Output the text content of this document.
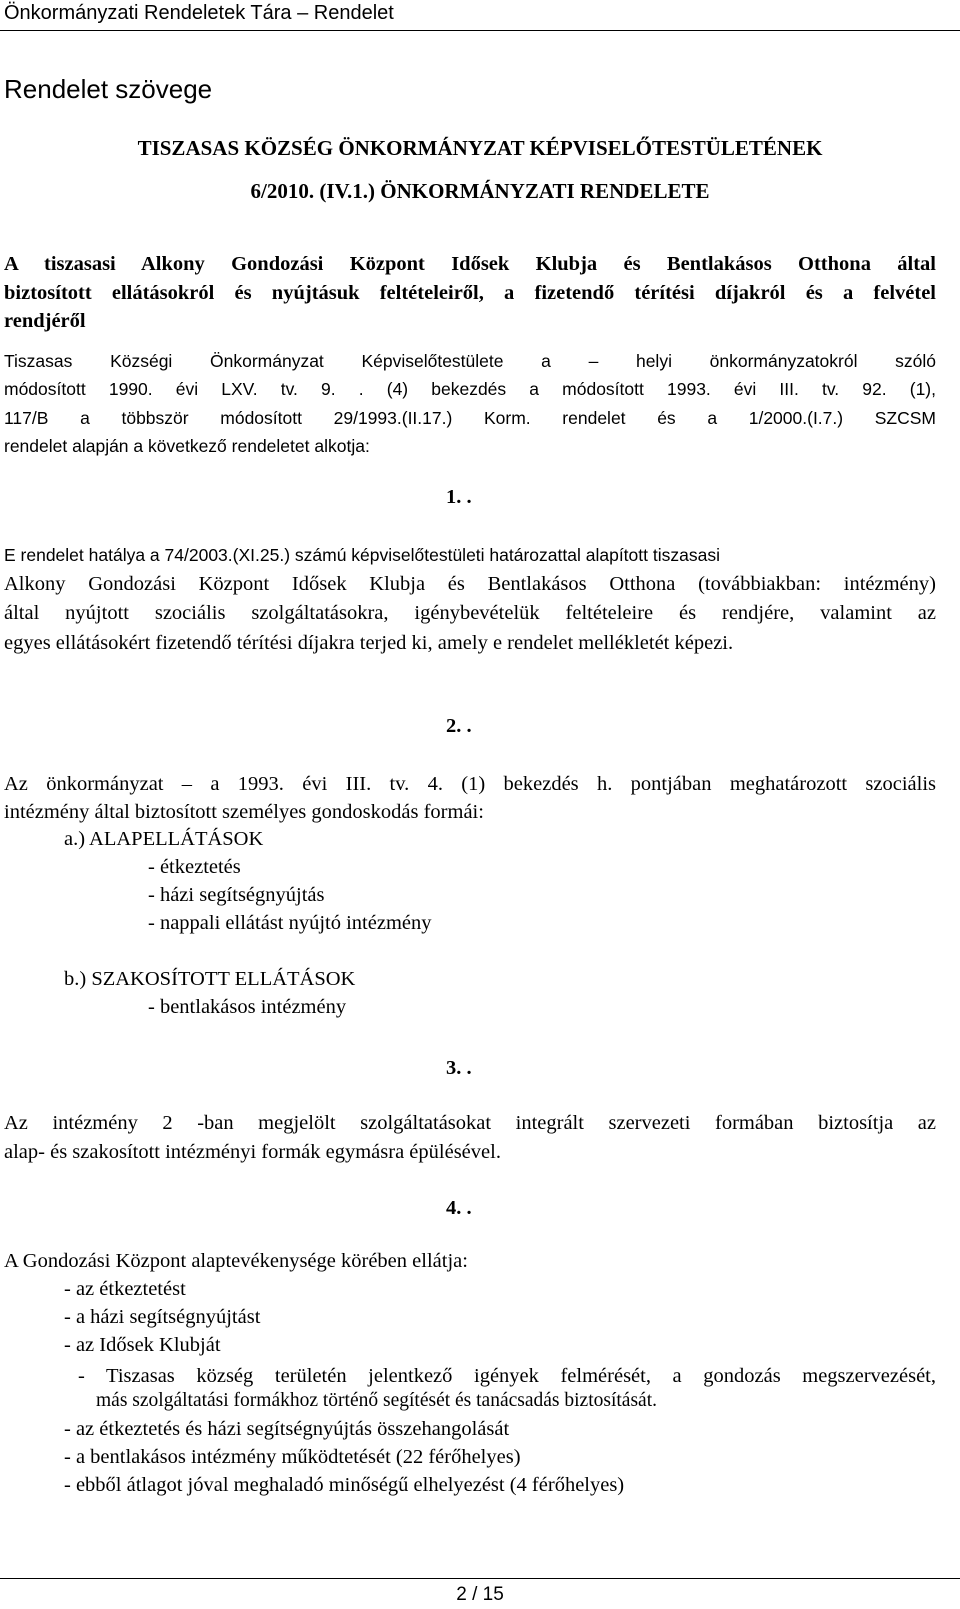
Önkormányzati Rendeletek Tára – Rendelet
Rendelet szövege
TISZASAS KÖZSÉG ÖNKORMÁNYZAT KÉPVISELŐTESTÜLETÉNEK
6/2010. (IV.1.) ÖNKORMÁNYZATI RENDELETE
A tiszasasi Alkony Gondozási Központ Idősek Klubja és Bentlakásos Otthona által
biztosított ellátásokról és nyújtásuk feltételeiről, a fizetendő térítési díjakról és a felvétel
rendjéről
Tiszasas Községi Önkormányzat Képviselőtestülete a – helyi önkormányzatokról szóló
módosított 1990. évi LXV. tv. 9. . (4) bekezdés a módosított 1993. évi III. tv. 92. (1),
117/B a többször módosított 29/1993.(II.17.) Korm. rendelet és a 1/2000.(I.7.) SZCSM
rendelet alapján a következő rendeletet alkotja:
1. .
E rendelet hatálya a 74/2003.(XI.25.) számú képviselőtestületi határozattal alapított tiszasasi
Alkony Gondozási Központ Idősek Klubja és Bentlakásos Otthona (továbbiakban: intézmény)
által nyújtott szociális szolgáltatásokra, igénybevételük feltételeire és rendjére, valamint az
egyes ellátásokért fizetendő térítési díjakra terjed ki, amely e rendelet mellékletét képezi.
2. .
Az önkormányzat – a 1993. évi III. tv. 4. (1) bekezdés h. pontjában meghatározott szociális
intézmény által biztosított személyes gondoskodás formái:
a.) ALAPELLÁTÁSOK
- étkeztetés
- házi segítségnyújtás
- nappali ellátást nyújtó intézmény
b.) SZAKOSÍTOTT ELLÁTÁSOK
- bentlakásos intézmény
3. .
Az intézmény 2 -ban megjelölt szolgáltatásokat integrált szervezeti formában biztosítja az
alap- és szakosított intézményi formák egymásra épülésével.
4. .
A Gondozási Központ alaptevékenysége körében ellátja:
- az étkeztetést
- a házi segítségnyújtást
- az Idősek Klubját
- Tiszasas község területén jelentkező igények felmérését, a gondozás megszervezését,
más szolgáltatási formákhoz történő segítését és tanácsadás biztosítását.
- az étkeztetés és házi segítségnyújtás összehangolását
- a bentlakásos intézmény működtetését (22 férőhelyes)
- ebből átlagot jóval meghaladó minőségű elhelyezést (4 férőhelyes)
2 / 15
